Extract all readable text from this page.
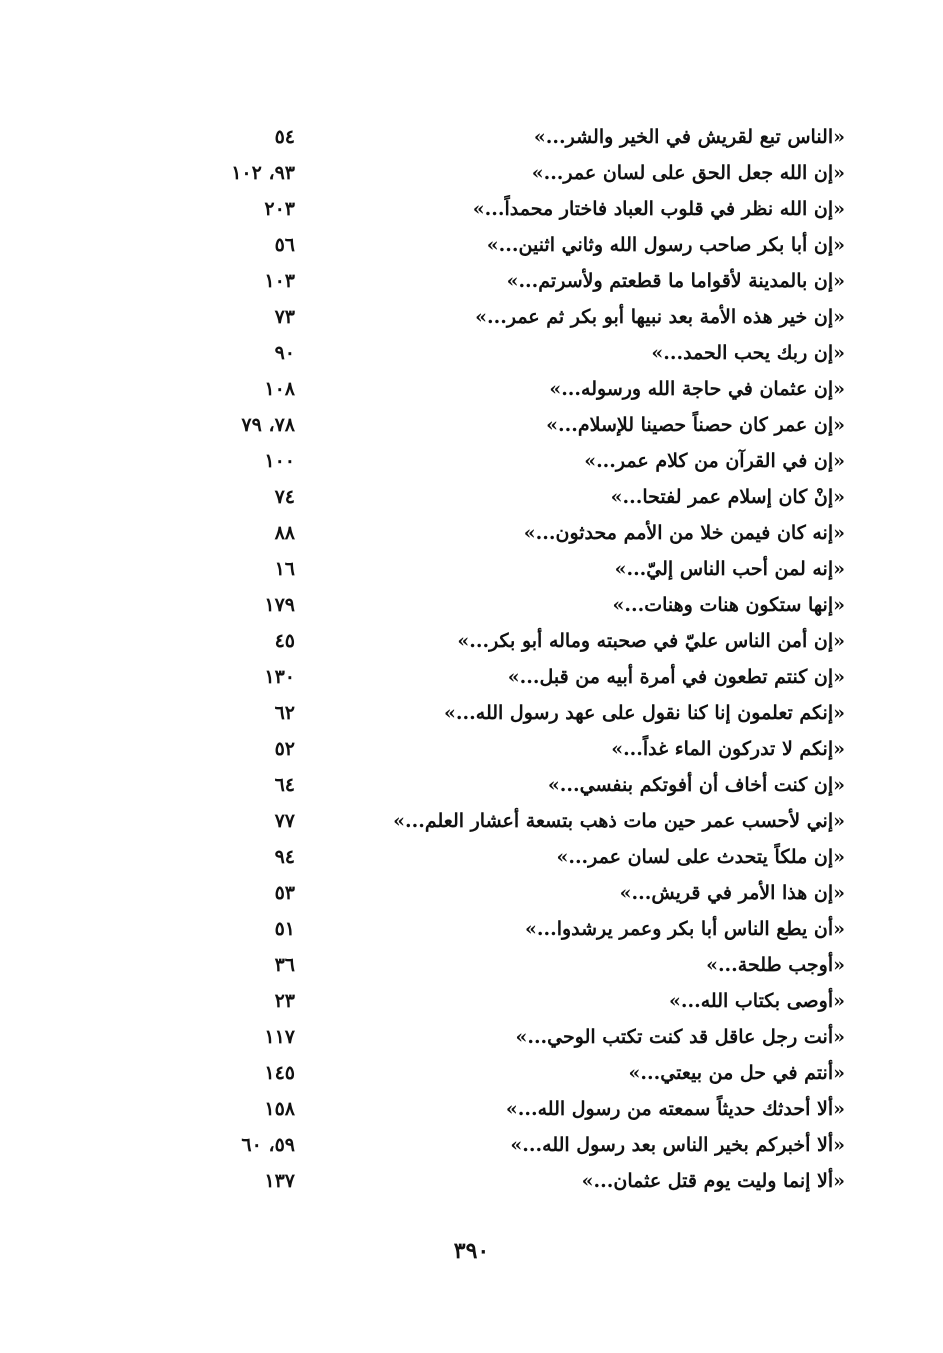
«الناس تبع لقريش في الخير والشر...»
٥٤
«إن الله جعل الحق على لسان عمر...»
٩٣، ١٠٢
«إن الله نظر في قلوب العباد فاختار محمداً...»
٢٠٣
«إن أبا بكر صاحب رسول الله وثاني اثنين...»
٥٦
«إن بالمدينة لأقواما ما قطعتم ولأسرتم...»
١٠٣
«إن خير هذه الأمة بعد نبيها أبو بكر ثم عمر...»
٧٣
«إن ربك يحب الحمد...»
٩٠
«إن عثمان في حاجة الله ورسوله...»
١٠٨
«إن عمر كان حصناً حصينا للإسلام...»
٧٨، ٧٩
«إن في القرآن من كلام عمر...»
١٠٠
«إنْ كان إسلام عمر لفتحا...»
٧٤
«إنه كان فيمن خلا من الأمم محدثون...»
٨٨
«إنه لمن أحب الناس إليّ...»
١٦
«إنها ستكون هنات وهنات...»
١٧٩
«إن أمن الناس عليّ في صحبته وماله أبو بكر...»
٤٥
«إن كنتم تطعون في أمرة أبيه من قبل...»
١٣٠
«إنكم تعلمون إنا كنا نقول على عهد رسول الله...»
٦٢
«إنكم لا تدركون الماء غداً...»
٥٢
«إن كنت أخاف أن أفوتكم بنفسي...»
٦٤
«إني لأحسب عمر حين مات ذهب بتسعة أعشار العلم...»
٧٧
«إن ملكاً يتحدث على لسان عمر...»
٩٤
«إن هذا الأمر في قريش...»
٥٣
«أن يطع الناس أبا بكر وعمر يرشدوا...»
٥١
«أوجب طلحة...»
٣٦
«أوصى بكتاب الله...»
٢٣
«أنت رجل عاقل قد كنت تكتب الوحي...»
١١٧
«أنتم في حل من بيعتي...»
١٤٥
«ألا أحدثك حديثاً سمعته من رسول الله...»
١٥٨
«ألا أخبركم بخير الناس بعد رسول الله...»
٥٩، ٦٠
«ألا إنما وليت يوم قتل عثمان...»
١٣٧
٣٩٠
